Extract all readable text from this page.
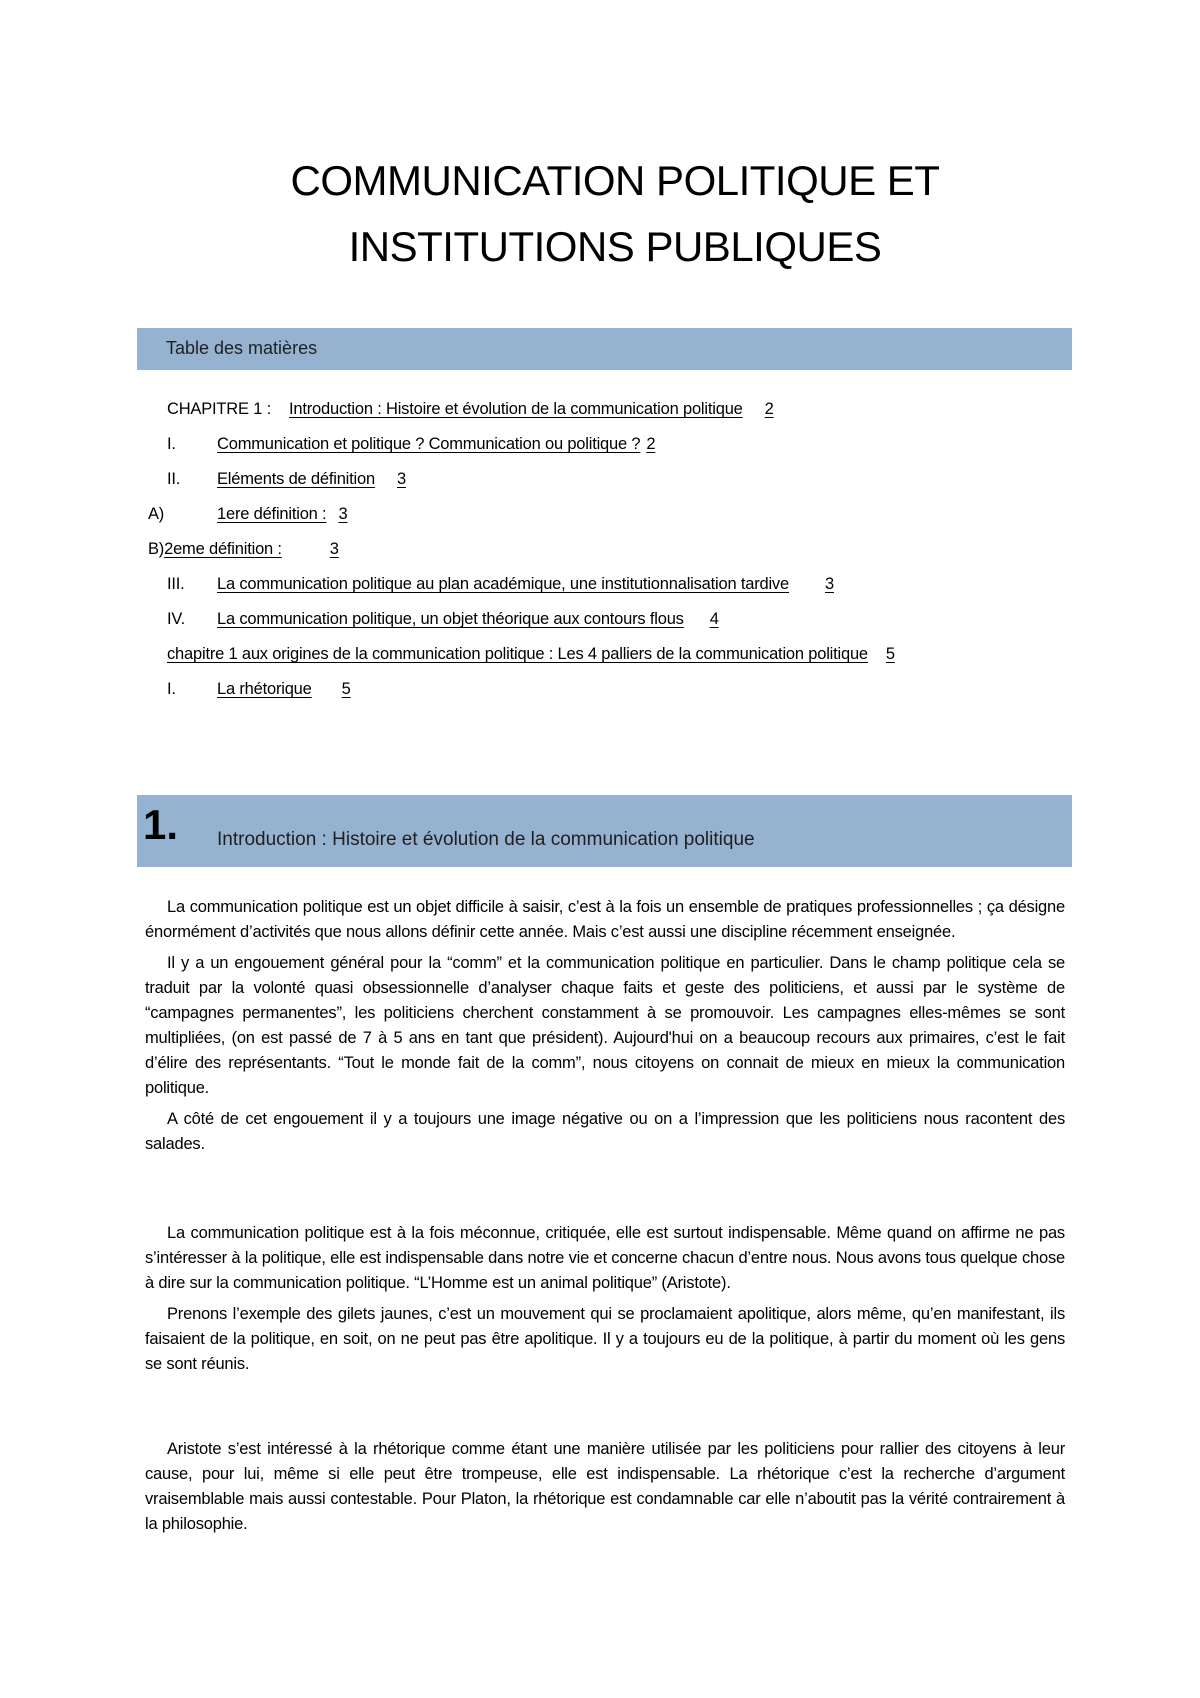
COMMUNICATION POLITIQUE ET
INSTITUTIONS PUBLIQUES
Table des matières
CHAPITRE 1 : Introduction : Histoire et évolution de la communication politique 2
I. Communication et politique ? Communication ou politique ? 2
II. Eléments de définition 3
A)	1ere définition : 3
B)2eme définition :	3
III. La communication politique au plan académique, une institutionnalisation tardive 3
IV. La communication politique, un objet théorique aux contours flous 4
chapitre 1 aux origines de la communication politique : Les 4 palliers de la communication politique 5
I. La rhétorique 5
1. Introduction : Histoire et évolution de la communication politique

La communication politique est un objet difficile à saisir, c’est à la fois un ensemble de pratiques professionnelles ; ça désigne énormément d’activités que nous allons définir cette année. Mais c’est aussi une discipline récemment enseignée.

Il y a un engouement général pour la “comm” et la communication politique en particulier. Dans le champ politique cela se traduit par la volonté quasi obsessionnelle d’analyser chaque faits et geste des politiciens, et aussi par le système de “campagnes permanentes”, les politiciens cherchent constamment à se promouvoir. Les campagnes elles-mêmes se sont multipliées, (on est passé de 7 à 5 ans en tant que président). Aujourd'hui on a beaucoup recours aux primaires, c’est le fait d’élire des représentants. “Tout le monde fait de la comm”, nous citoyens on connait de mieux en mieux la communication politique.

A côté de cet engouement il y a toujours une image négative ou on a l’impression que les politiciens nous racontent des salades.

La communication politique est à la fois méconnue, critiquée, elle est surtout indispensable. Même quand on affirme ne pas s’intéresser à la politique, elle est indispensable dans notre vie et concerne chacun d’entre nous. Nous avons tous quelque chose à dire sur la communication politique. “L’Homme est un animal politique” (Aristote).

Prenons l’exemple des gilets jaunes, c’est un mouvement qui se proclamaient apolitique, alors même, qu’en manifestant, ils faisaient de la politique, en soit, on ne peut pas être apolitique. Il y a toujours eu de la politique, à partir du moment où les gens se sont réunis.

Aristote s’est intéressé à la rhétorique comme étant une manière utilisée par les politiciens pour rallier des citoyens à leur cause, pour lui, même si elle peut être trompeuse, elle est indispensable. La rhétorique c’est la recherche d’argument vraisemblable mais aussi contestable. Pour Platon, la rhétorique est condamnable car elle n’aboutit pas la vérité contrairement à la philosophie.
